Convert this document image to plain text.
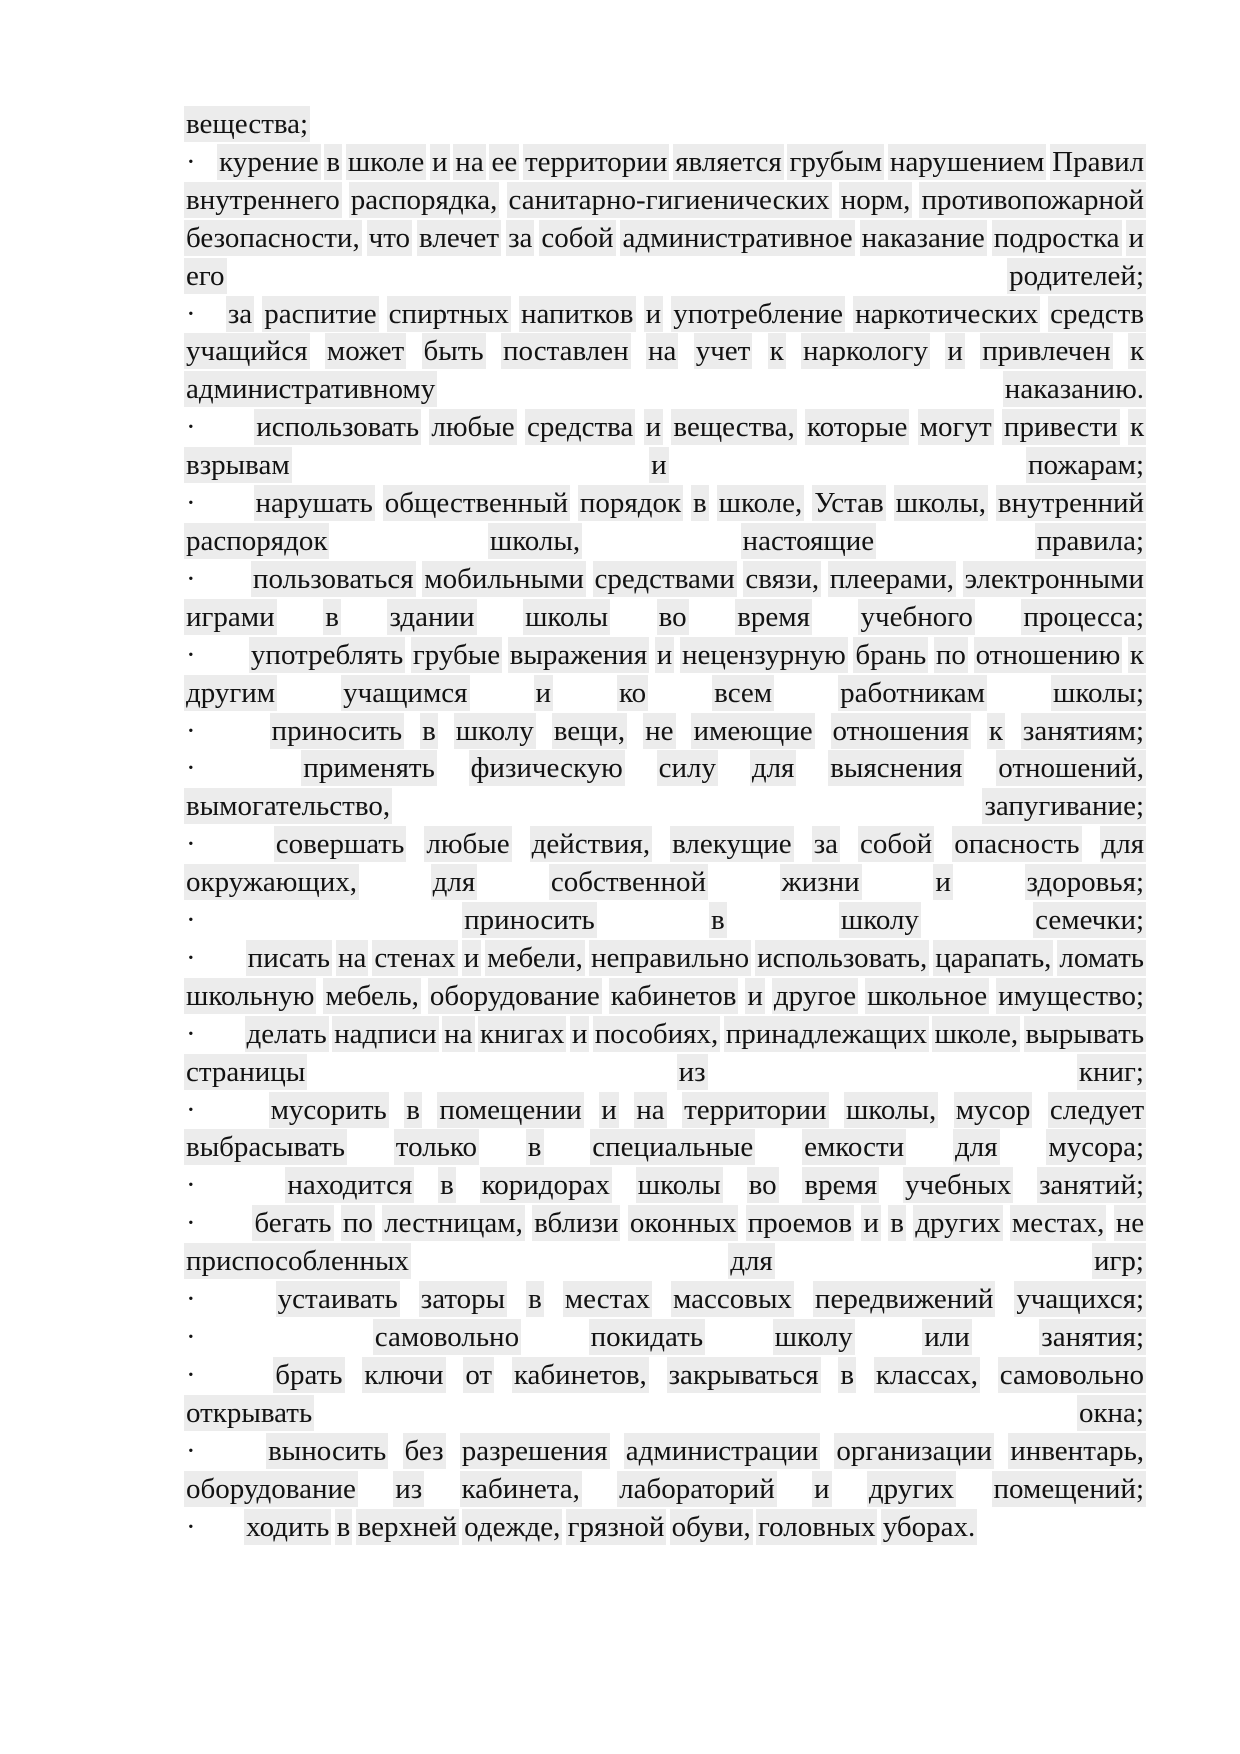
вещества;

· курение в школе и на ее территории является грубым нарушением Правил внутреннего распорядка, санитарно-гигиенических норм, противопожарной безопасности, что влечет за собой административное наказание подростка и его	родителей;

· за распитие спиртных напитков и употребление наркотических средств учащийся может быть поставлен на учет к наркологу и привлечен к административному	наказанию.

· использовать любые средства и вещества, которые могут привести к взрывам	и	пожарам;

· нарушать общественный порядок в школе, Устав школы, внутренний распорядок	школы,	настоящие	правила;

· пользоваться мобильными средствами связи, плеерами, электронными играми в здании школы во время учебного процесса;

· употреблять грубые выражения и нецензурную брань по отношению к другим учащимся и ко всем работникам школы;

·	приносить в школу вещи, не имеющие отношения к занятиям;

·	применять физическую силу для выяснения отношений, вымогательство,	запугивание;

·	совершать любые действия, влекущие за собой опасность для окружающих,	для	собственной	жизни	и	здоровья;

·	приносить	в	школу	семечки;

· писать на стенах и мебели, неправильно использовать, царапать, ломать школьную мебель, оборудование кабинетов и другое школьное имущество;

· делать надписи на книгах и пособиях, принадлежащих школе, вырывать страницы	из	книг;

·	мусорить в помещении и на территории школы, мусор следует выбрасывать только в специальные емкости для мусора;

·	находится в коридорах школы во время учебных занятий;

· бегать по лестницам, вблизи оконных проемов и в других местах, не приспособленных	для	игр;

·	устаивать заторы в местах массовых передвижений учащихся;

·	самовольно покидать школу или занятия;

·	брать ключи от кабинетов, закрываться в классах, самовольно открывать	окна;

· выносить без разрешения администрации организации инвентарь, оборудование из кабинета, лабораторий и других помещений;

· ходить в верхней одежде, грязной обуви, головных уборах.
